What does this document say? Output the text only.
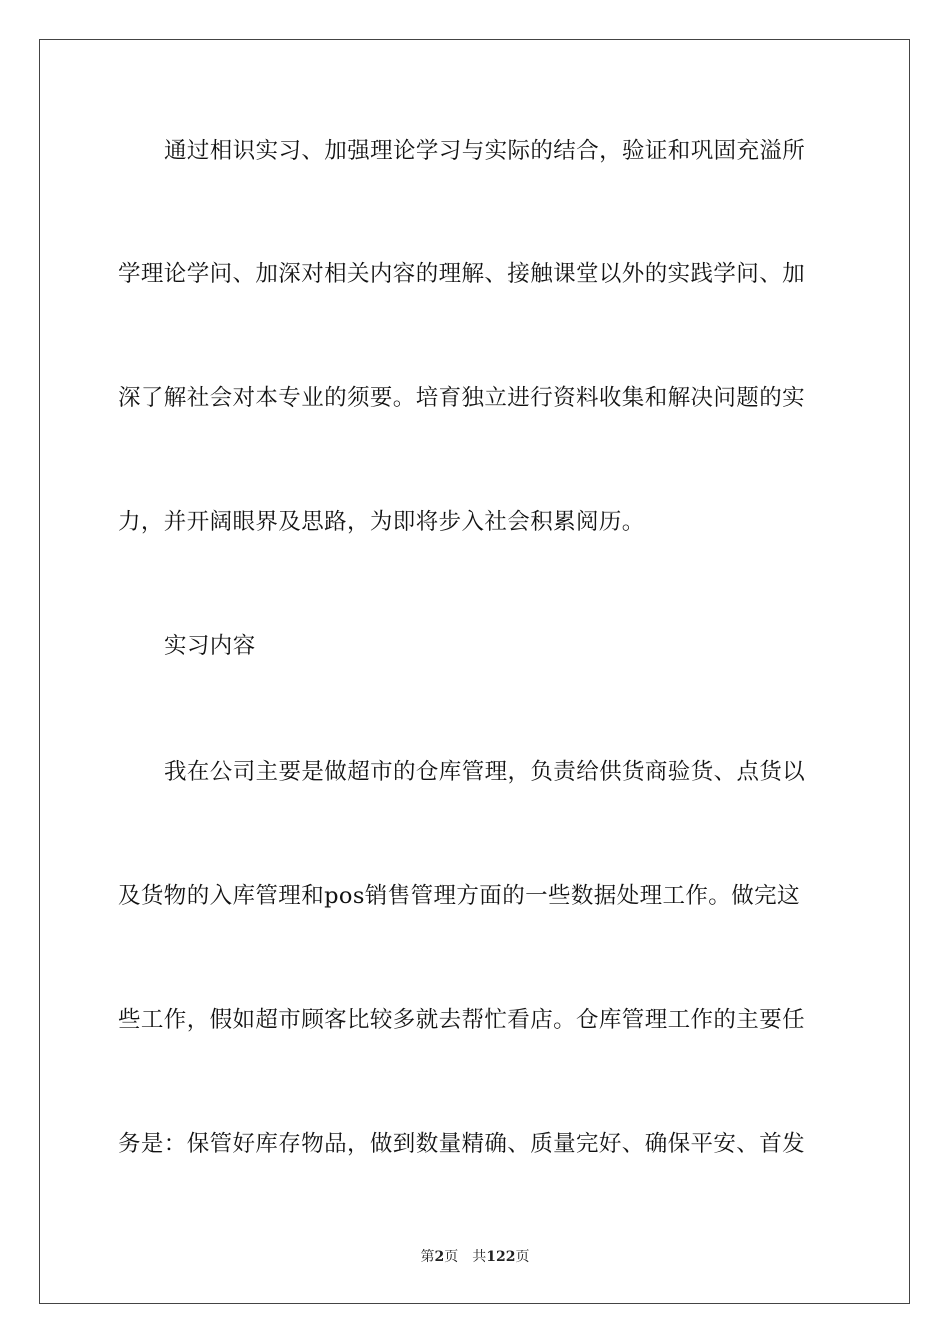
通过相识实习、加强理论学习与实际的结合，验证和巩固充溢所
学理论学问、加深对相关内容的理解、接触课堂以外的实践学问、加
深了解社会对本专业的须要。培育独立进行资料收集和解决问题的实
力，并开阔眼界及思路，为即将步入社会积累阅历。
实习内容
我在公司主要是做超市的仓库管理，负责给供货商验货、点货以
及货物的入库管理和pos销售管理方面的一些数据处理工作。做完这
些工作，假如超市顾客比较多就去帮忙看店。仓库管理工作的主要任
务是：保管好库存物品，做到数量精确、质量完好、确保平安、首发
第2页 共122页
